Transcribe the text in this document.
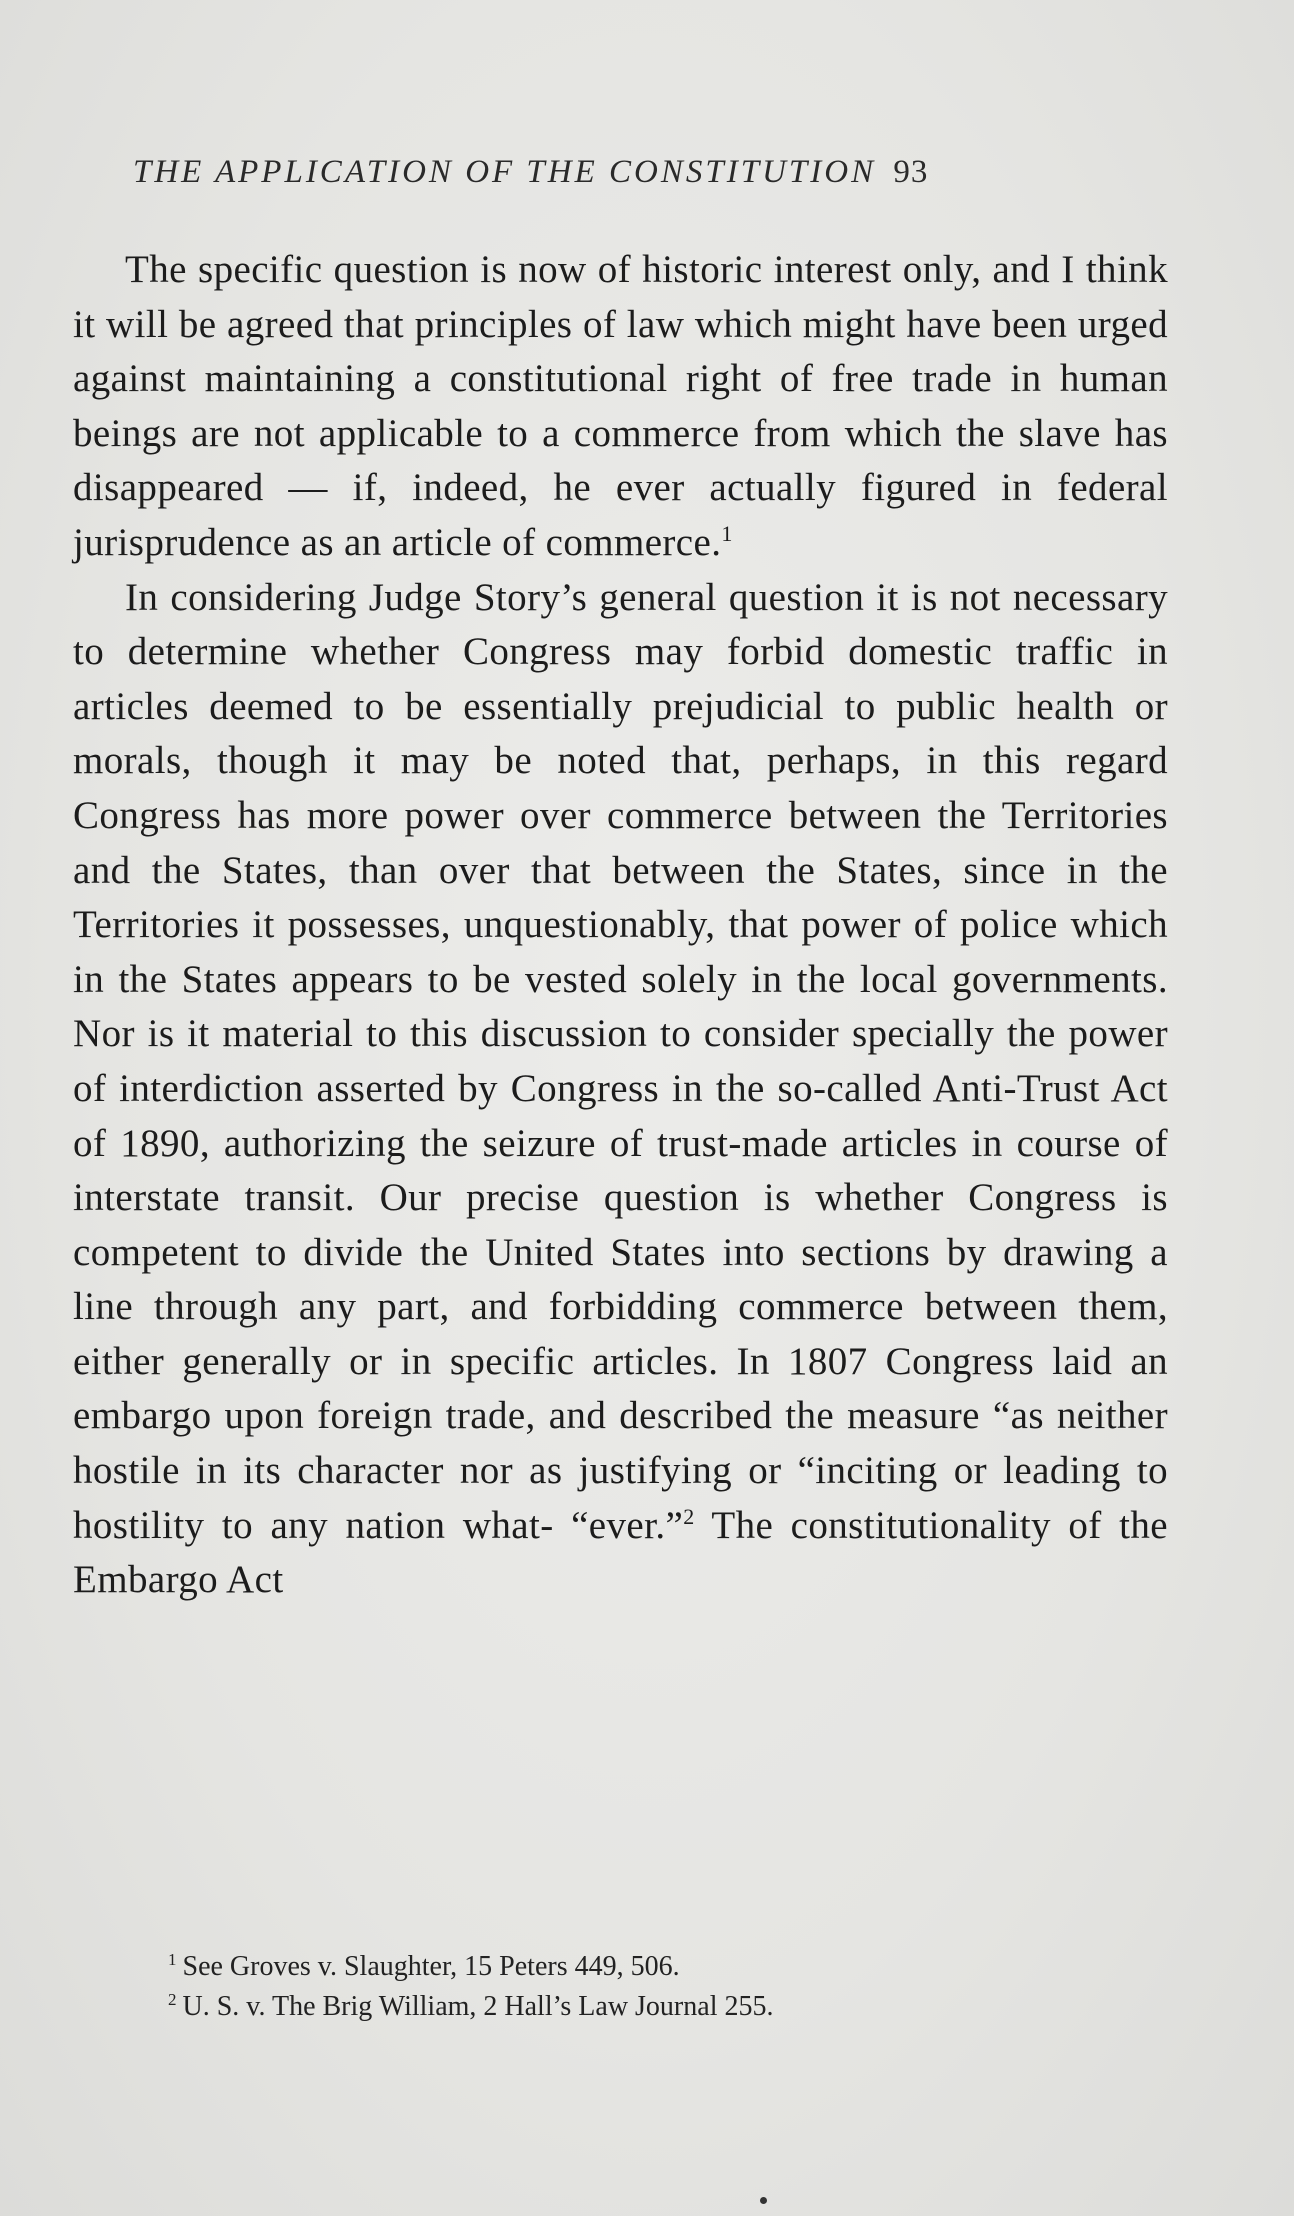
THE APPLICATION OF THE CONSTITUTION 93

The specific question is now of historic interest only, and I think it will be agreed that principles of law which might have been urged against maintaining a constitutional right of free trade in human beings are not applicable to a commerce from which the slave has disappeared — if, indeed, he ever actually figured in federal jurisprudence as an article of commerce.$^1$

In considering Judge Story’s general question it is not necessary to determine whether Congress may forbid domestic traffic in articles deemed to be essentially prejudicial to public health or morals, though it may be noted that, perhaps, in this regard Congress has more power over commerce between the Territories and the States, than over that between the States, since in the Territories it possesses, unquestionably, that power of police which in the States appears to be vested solely in the local governments. Nor is it material to this discussion to consider specially the power of interdiction asserted by Congress in the so-called Anti-Trust Act of 1890, authorizing the seizure of trust-made articles in course of interstate transit. Our precise question is whether Congress is competent to divide the United States into sections by drawing a line through any part, and forbidding commerce between them, either generally or in specific articles. In 1807 Congress laid an embargo upon foreign trade, and described the measure “as neither hostile in its character nor as justifying or “inciting or leading to hostility to any nation what- “ever.”$^2$ The constitutionality of the Embargo Act

$^1$ See Groves v. Slaughter, 15 Peters 449, 506.
$^2$ U. S. v. The Brig William, 2 Hall’s Law Journal 255.
